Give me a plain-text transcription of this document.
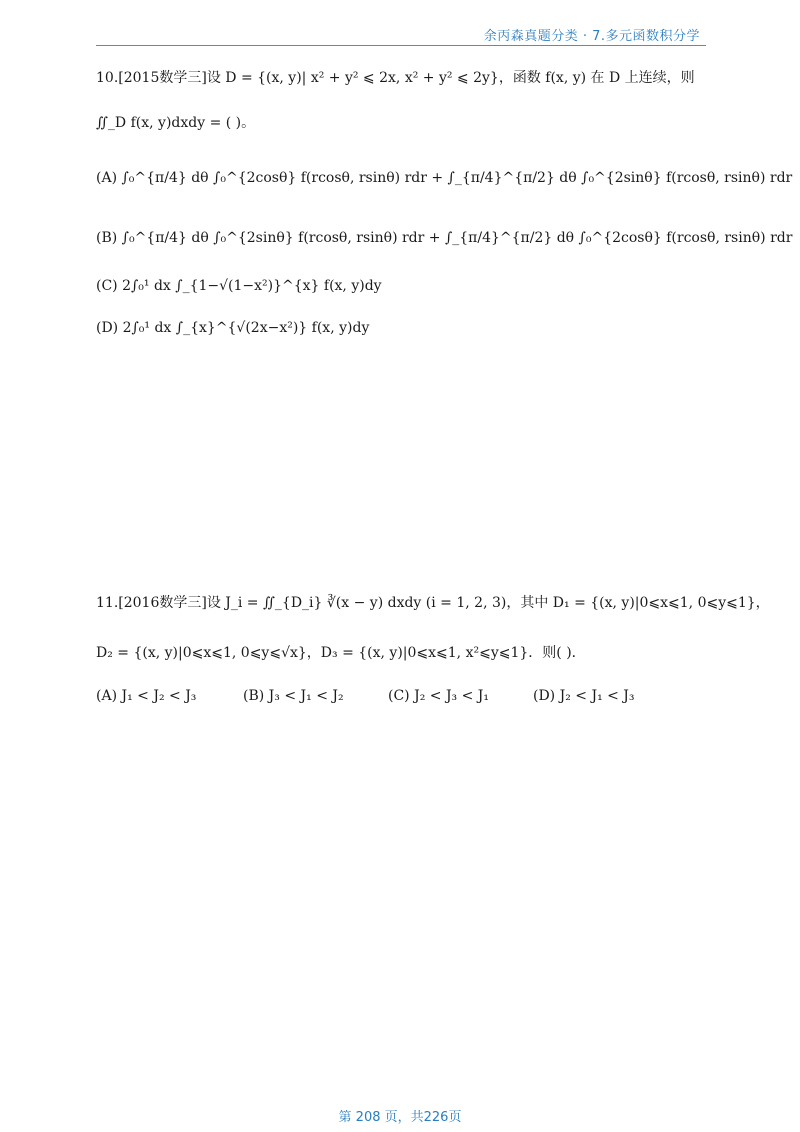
余丙森真题分类 · 7.多元函数积分学
10.[2015数学三]设 D = {(x, y)| x² + y² ⩽ 2x, x² + y² ⩽ 2y}，函数 f(x, y) 在 D 上连续，则
∬_D f(x, y)dxdy = ( )。
(A) ∫₀^{π/4} dθ ∫₀^{2cosθ} f(rcosθ, rsinθ) rdr + ∫_{π/4}^{π/2} dθ ∫₀^{2sinθ} f(rcosθ, rsinθ) rdr
(B) ∫₀^{π/4} dθ ∫₀^{2sinθ} f(rcosθ, rsinθ) rdr + ∫_{π/4}^{π/2} dθ ∫₀^{2cosθ} f(rcosθ, rsinθ) rdr
(C) 2∫₀¹ dx ∫_{1−√(1−x²)}^{x} f(x, y)dy
(D) 2∫₀¹ dx ∫_{x}^{√(2x−x²)} f(x, y)dy
11.[2016数学三]设 J_i = ∬_{D_i} ∛(x − y) dxdy (i = 1, 2, 3)，其中 D₁ = {(x, y)|0⩽x⩽1, 0⩽y⩽1}，
D₂ = {(x, y)|0⩽x⩽1, 0⩽y⩽√x}，D₃ = {(x, y)|0⩽x⩽1, x²⩽y⩽1}．则( )．
(A) J₁ < J₂ < J₃	(B) J₃ < J₁ < J₂	(C) J₂ < J₃ < J₁	(D) J₂ < J₁ < J₃
第 208 页，共226页
